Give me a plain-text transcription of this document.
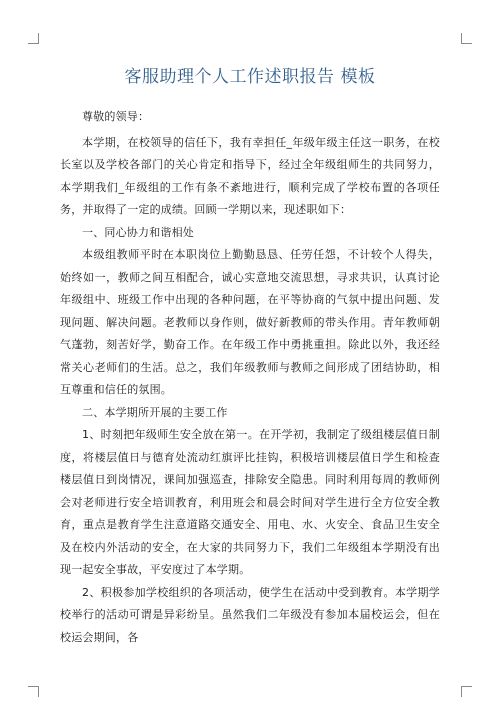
客服助理个人工作述职报告 模板

尊敬的领导：

本学期，在校领导的信任下，我有幸担任_年级年级主任这一职务，在校长室以及学校各部门的关心肯定和指导下，经过全年级组师生的共同努力，本学期我们_年级组的工作有条不紊地进行，顺利完成了学校布置的各项任务，并取得了一定的成绩。回顾一学期以来，现述职如下：

一、同心协力和谐相处

本级组教师平时在本职岗位上勤勤恳恳、任劳任怨，不计较个人得失，始终如一，教师之间互相配合，诚心实意地交流思想，寻求共识，认真讨论年级组中、班级工作中出现的各种问题，在平等协商的气氛中提出问题、发现问题、解决问题。老教师以身作则，做好新教师的带头作用。青年教师朝气蓬勃，刻苦好学，勤奋工作。在年级工作中勇挑重担。除此以外，我还经常关心老师们的生活。总之，我们年级教师与教师之间形成了团结协助，相互尊重和信任的氛围。

二、本学期所开展的主要工作

1、时刻把年级师生安全放在第一。在开学初，我制定了级组楼层值日制度，将楼层值日与德育处流动红旗评比挂钩，积极培训楼层值日学生和检查楼层值日到岗情况，课间加强巡查，排除安全隐患。同时利用每周的教师例会对老师进行安全培训教育，利用班会和晨会时间对学生进行全方位安全教育，重点是教育学生注意道路交通安全、用电、水、火安全、食品卫生安全及在校内外活动的安全，在大家的共同努力下，我们二年级组本学期没有出现一起安全事故，平安度过了本学期。

2、积极参加学校组织的各项活动，使学生在活动中受到教育。本学期学校举行的活动可谓是异彩纷呈。虽然我们二年级没有参加本届校运会，但在校运会期间，各
